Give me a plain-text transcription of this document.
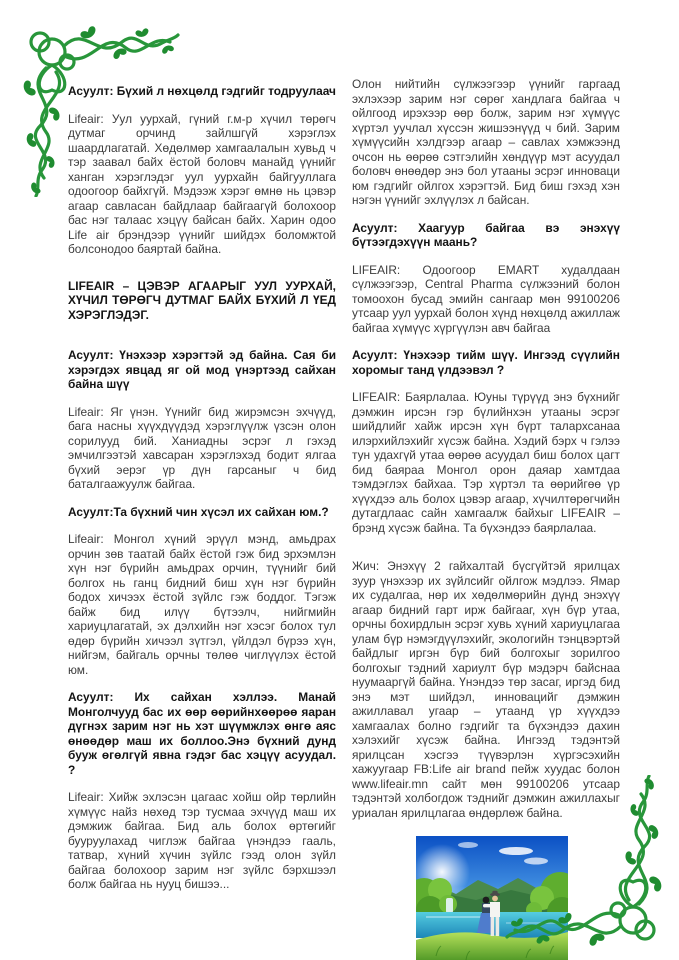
Асуулт: Бүхий л нөхцөлд гэдгийг тодруулаач
Lifeair: Уул уурхай, гүний г.м-р хүчил төрөгч дутмаг орчинд зайлшгүй хэрэглэх шаардлагатай. Хөдөлмөр хамгаалалын хувьд ч тэр заавал байх ёстой боловч манайд үүнийг ханган хэрэглэдэг уул уурхайн байгууллага одоогоор байхгүй. Мэдээж хэрэг өмнө нь цэвэр агаар савласан байдлаар байгаагүй болохоор бас нэг талаас хэцүү байсан байх. Харин одоо Life air брэндээр үүнийг шийдэх боломжтой болсонодоо баяртай байна.
LIFEAIR – ЦЭВЭР АГААРЫГ УУЛ УУРХАЙ, ХҮЧИЛ ТӨРӨГЧ ДУТМАГ БАЙХ БҮХИЙ Л ҮЕД ХЭРЭГЛЭДЭГ.
Асуулт: Үнэхээр хэрэгтэй эд байна. Сая би хэрэгдэх явцад яг ой мод үнэртээд сайхан байна шүү
Lifeair: Яг үнэн. Үүнийг бид жирэмсэн эхчүүд, бага насны хүүхдүүдэд хэрэглүүлж үзсэн олон сорилууд бий. Ханиадны эсрэг л гэхэд эмчилгээтэй хавсаран хэрэглэхэд бодит ялгаа бүхий эерэг үр дүн гарсаныг ч бид баталгаажуулж байгаа.
Асуулт:Та бүхний чин хүсэл их сайхан юм.?
Lifeair: Монгол хүний эрүүл мэнд, амьдрах орчин зөв таатай байх ёстой гэж бид эрхэмлэн хүн нэг бүрийн амьдрах орчин, түүнийг бий болгох нь ганц бидний биш хүн нэг бүрийн бодох хичээх ёстой зүйлс гэж боддог. Тэгэж байж бид илүү бүтээлч, нийгмийн хариуцлагатай, эх дэлхийн нэг хэсэг болох тул өдөр бүрийн хичээл зүтгэл, үйлдэл бүрээ хүн, нийгэм, байгаль орчны төлөө чиглүүлэх ёстой юм.
Асуулт: Их сайхан хэллээ. Манай Монголчууд бас их өөр өөрийнхөөрөө яаран дүгнэх зарим нэг нь хэт шүүмжлэх өнгө аяс өнөөдөр маш их боллоо.Энэ бүхний дунд бууж өгөлгүй явна гэдэг бас хэцүү асуудал. ?
Lifeair: Хийж эхлэсэн цагаас хойш ойр төрлийн хүмүүс найз нөхөд тэр тусмаа эхчүүд маш их дэмжиж байгаа. Бид аль болох өртөгийг бууруулахад чиглэж байгаа үнэндээ гааль, татвар, хүний хүчин зүйлс гээд олон зүйл байгаа болохоор зарим нэг зүйлс бэрхшээл болж байгаа нь нууц бишээ...
Олон нийтийн сүлжээгээр үүнийг гаргаад эхлэхээр зарим нэг сөрөг хандлага байгаа ч ойлгоод ирэхээр өөр болж, зарим нэг хүмүүс хүртэл уучлал хүссэн жишээнүүд ч бий. Зарим хүмүүсийн хэлдгээр агаар – савлах хэмжээнд очсон нь өөрөө сэтгэлийн хөндүүр мэт асуудал боловч өнөөдөр энэ бол утааны эсрэг инноваци юм гэдгийг ойлгох хэрэгтэй. Бид биш гэхэд хэн нэгэн үүнийг эхлүүлэх л байсан.
Асуулт: Хаагуур байгаа вэ энэхүү бүтээгдэхүүн маань?
LIFEAIR: Одоогоор EMART худалдаан сүлжээгээр, Central Pharma сүлжээний болон томоохон бусад эмийн сангаар мөн 99100206 утсаар уул уурхай болон хүнд нөхцөлд ажиллаж байгаа хүмүүс хүргүүлэн авч байгаа
Асуулт: Үнэхээр тийм шүү. Ингээд сүүлийн хоромыг танд үлдээвэл ?
LIFEAIR: Баярлалаа. Юуны түрүүд энэ бүхнийг дэмжин ирсэн гэр бүлийнхэн утааны эсрэг шийдлийг хайж ирсэн хүн бүрт талархсанаа илэрхийлэхийг хүсэж байна. Хэдий бэрх ч гэлээ тун удахгүй утаа өөрөө асуудал биш болох цагт бид баяраа Монгол орон даяар хамтдаа тэмдэглэх байхаа. Тэр хүртэл та өөрийгөө үр хүүхдээ аль болох цэвэр агаар, хүчилтөрөгчийн дутагдлаас сайн хамгаалж байхыг LIFEAIR – брэнд хүсэж байна. Та бүхэндээ баярлалаа.
Жич: Энэхүү 2 гайхалтай бүсгүйтэй ярилцах зуур үнэхээр их зүйлсийг ойлгож мэдлээ. Ямар их судалгаа, нөр их хөдөлмөрийн дүнд энэхүү агаар бидний гарт ирж байгааг, хүн бүр утаа, орчны бохирдлын эсрэг хувь хүний хариуцлагаа улам бүр нэмэгдүүлэхийг, экологийн тэнцвэртэй байдлыг иргэн бүр бий болгохыг зорилгоо болгохыг тэдний хариулт бүр мэдэрч байснаа нуумааргүй байна. Үнэндээ төр засаг, иргэд бид энэ мэт шийдэл, инновацийг дэмжин ажиллавал угаар – утаанд үр хүүхдээ хамгаалах болно гэдгийг та бүхэндээ дахин хэлэхийг хүсэж байна. Ингээд тэдэнтэй ярилцсан хэсгээ түүвэрлэн хүргэсэхийн хажуугаар FB:Life air brand пейж хуудас болон www.lifeair.mn сайт мөн 99100206 утсаар тэдэнтэй холбогдож тэднийг дэмжин ажиллахыг уриалан ярилцлагаа өндөрлөж байна.
